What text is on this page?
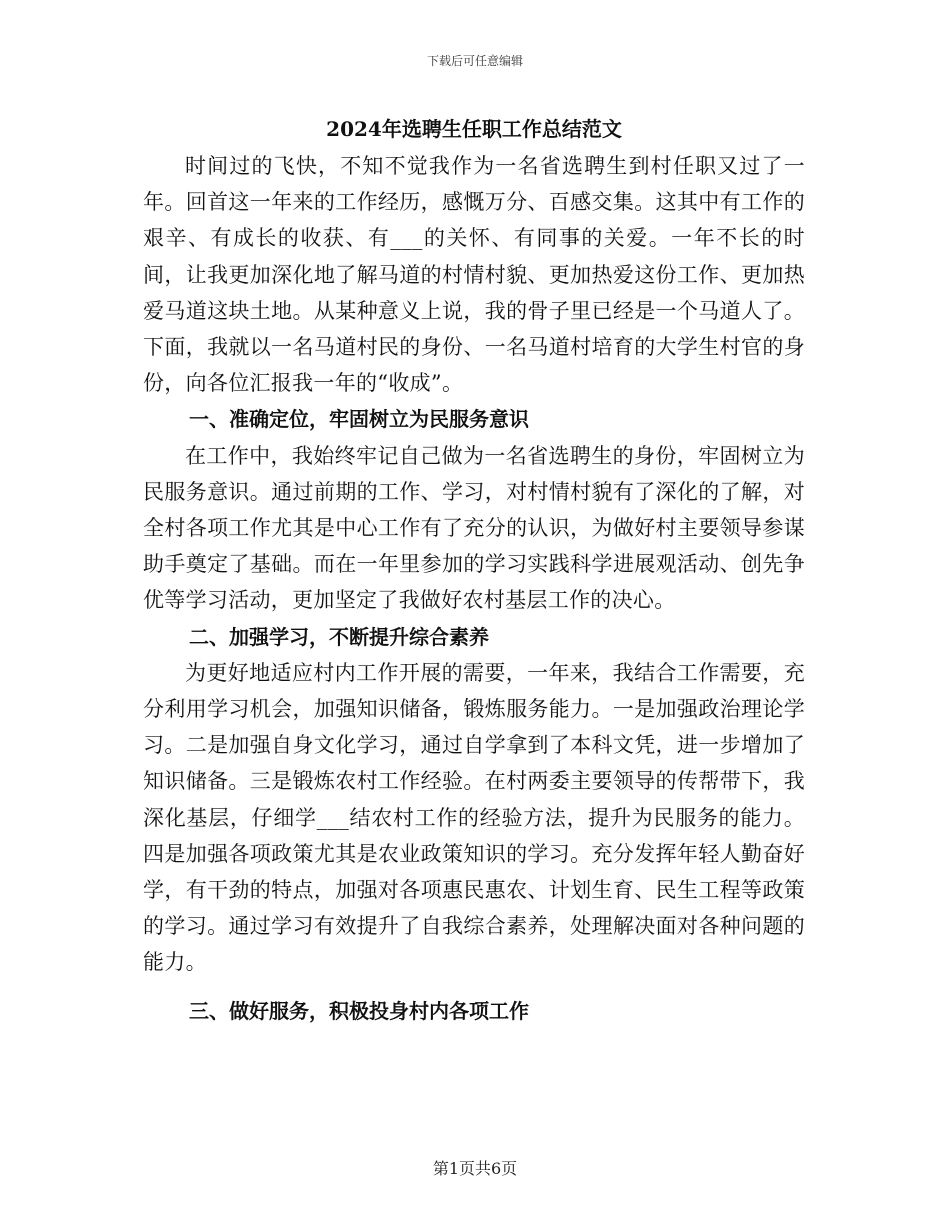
下载后可任意编辑
2024年选聘生任职工作总结范文

时间过的飞快，不知不觉我作为一名省选聘生到村任职又过了一年。回首这一年来的工作经历，感慨万分、百感交集。这其中有工作的艰辛、有成长的收获、有___的关怀、有同事的关爱。一年不长的时间，让我更加深化地了解马道的村情村貌、更加热爱这份工作、更加热爱马道这块土地。从某种意义上说，我的骨子里已经是一个马道人了。下面，我就以一名马道村民的身份、一名马道村培育的大学生村官的身份，向各位汇报我一年的“收成”。

一、准确定位，牢固树立为民服务意识

在工作中，我始终牢记自己做为一名省选聘生的身份，牢固树立为民服务意识。通过前期的工作、学习，对村情村貌有了深化的了解，对全村各项工作尤其是中心工作有了充分的认识，为做好村主要领导参谋助手奠定了基础。而在一年里参加的学习实践科学进展观活动、创先争优等学习活动，更加坚定了我做好农村基层工作的决心。

二、加强学习，不断提升综合素养

为更好地适应村内工作开展的需要，一年来，我结合工作需要，充分利用学习机会，加强知识储备，锻炼服务能力。一是加强政治理论学习。二是加强自身文化学习，通过自学拿到了本科文凭，进一步增加了知识储备。三是锻炼农村工作经验。在村两委主要领导的传帮带下，我深化基层，仔细学___结农村工作的经验方法，提升为民服务的能力。四是加强各项政策尤其是农业政策知识的学习。充分发挥年轻人勤奋好学，有干劲的特点，加强对各项惠民惠农、计划生育、民生工程等政策的学习。通过学习有效提升了自我综合素养，处理解决面对各种问题的能力。

三、做好服务，积极投身村内各项工作
第1页共6页
